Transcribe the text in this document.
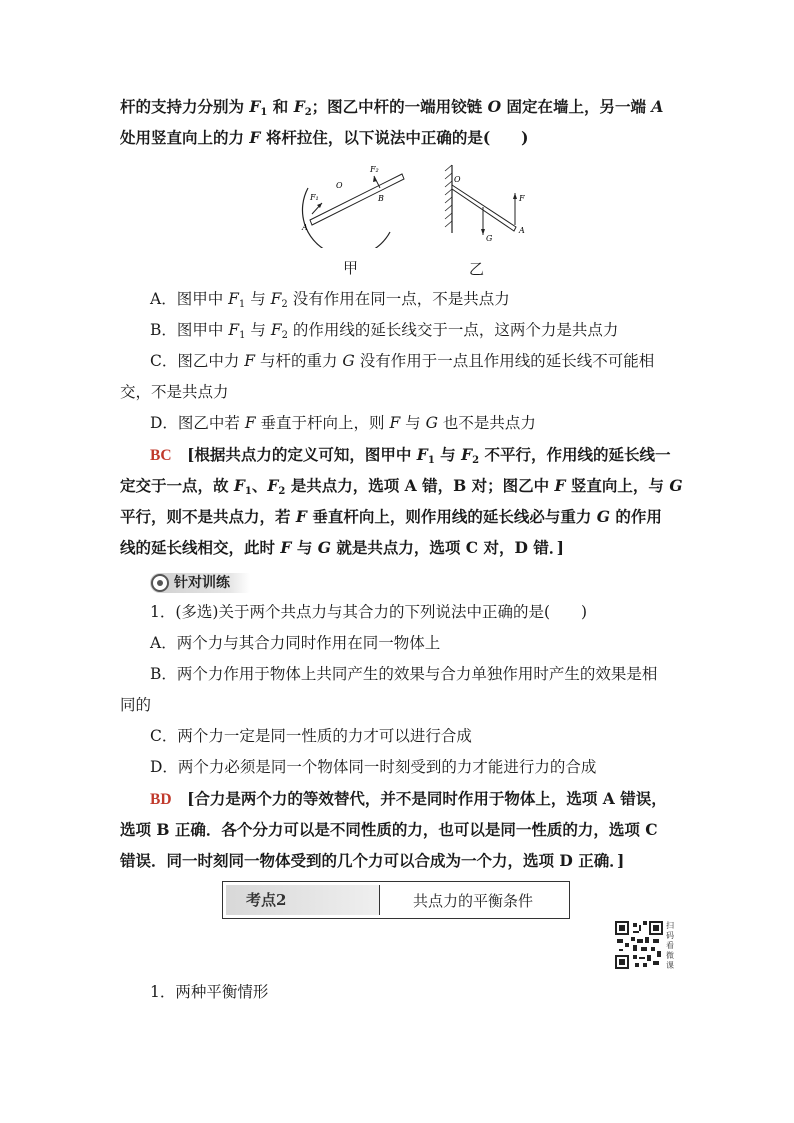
杆的支持力分别为 $F_1$ 和 $F_2$；图乙中杆的一端用铰链 O 固定在墙上，另一端 A
处用竖直向上的力 F 将杆拉住，以下说法中正确的是(　　)
F₁
F₂
O
A
B
甲
O
F
G
A
乙
A．图甲中 $F_1$ 与 $F_2$ 没有作用在同一点，不是共点力
B．图甲中 $F_1$ 与 $F_2$ 的作用线的延长线交于一点，这两个力是共点力
C．图乙中力 F 与杆的重力 G 没有作用于一点且作用线的延长线不可能相
交，不是共点力
D．图乙中若 F 垂直于杆向上，则 F 与 G 也不是共点力
BC　 [根据共点力的定义可知，图甲中 $F_1$ 与 $F_2$ 不平行，作用线的延长线一
定交于一点，故 $F_1$、$F_2$ 是共点力，选项 A 错，B 对；图乙中 F 竖直向上，与 G
平行，则不是共点力，若 F 垂直杆向上，则作用线的延长线必与重力 G 的作用
线的延长线相交，此时 F 与 G 就是共点力，选项 C 对，D 错．]
针对训练
1．(多选)关于两个共点力与其合力的下列说法中正确的是(　　)
A．两个力与其合力同时作用在同一物体上
B．两个力作用于物体上共同产生的效果与合力单独作用时产生的效果是相
同的
C．两个力一定是同一性质的力才可以进行合成
D．两个力必须是同一个物体同一时刻受到的力才能进行力的合成
BD　 [合力是两个力的等效替代，并不是同时作用于物体上，选项 A 错误，
选项 B 正确．各个分力可以是不同性质的力，也可以是同一性质的力，选项 C
错误．同一时刻同一物体受到的几个力可以合成为一个力，选项 D 正确．]
考点2	共点力的平衡条件
扫码看微课
1．两种平衡情形
